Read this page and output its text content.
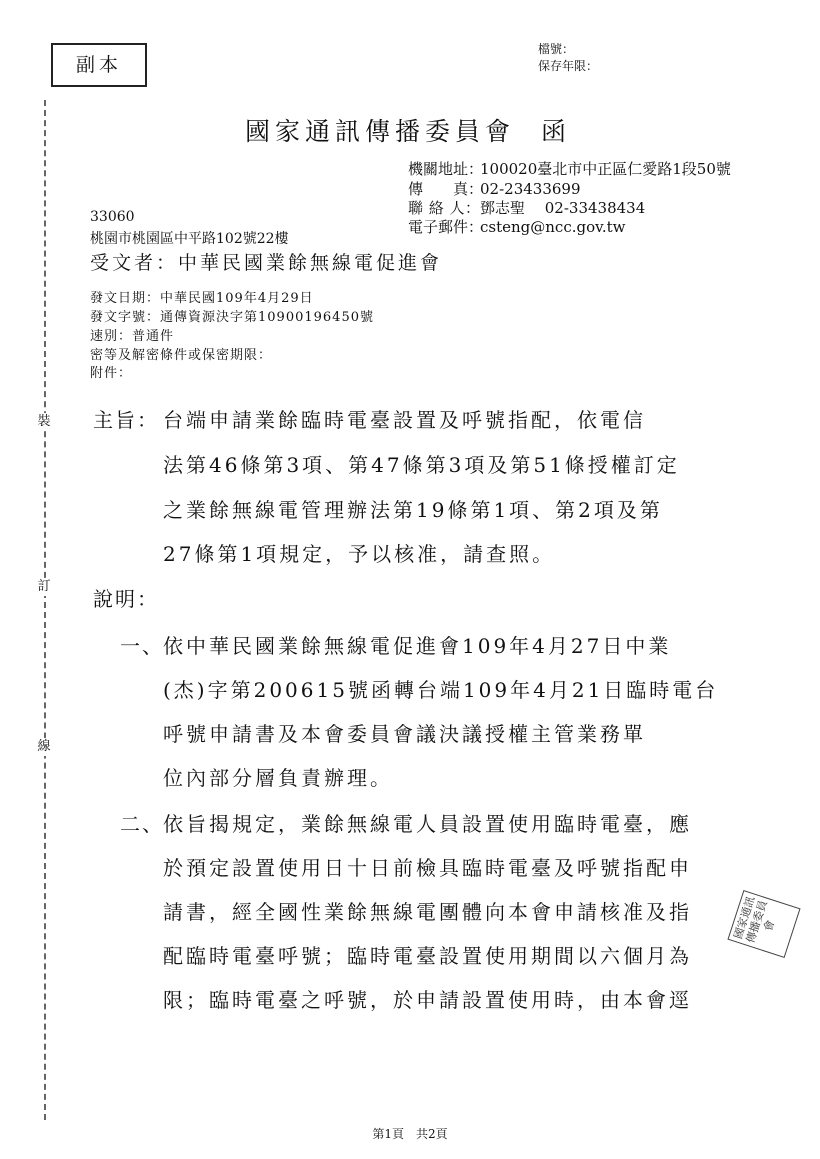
副本
檔號：
保存年限：
國家通訊傳播委員會 函
機關地址：100020臺北市中正區仁愛路1段50號
傳　　真：02-23433699
聯 絡 人：鄧志聖　 02-33438434
電子郵件：csteng@ncc.gov.tw
33060
桃園市桃園區中平路102號22樓
受文者：中華民國業餘無線電促進會
發文日期：中華民國109年4月29日
發文字號：通傳資源決字第10900196450號
速別：普通件
密等及解密條件或保密期限：
附件：
裝
訂
線
主旨： 台端申請業餘臨時電臺設置及呼號指配，依電信
法第46條第3項、第47條第3項及第51條授權訂定
之業餘無線電管理辦法第19條第1項、第2項及第
27條第1項規定，予以核准，請查照。
說明：
一、 依中華民國業餘無線電促進會109年4月27日中業
(杰)字第200615號函轉台端109年4月21日臨時電台
呼號申請書及本會委員會議決議授權主管業務單
位內部分層負責辦理。
二、 依旨揭規定，業餘無線電人員設置使用臨時電臺，應
於預定設置使用日十日前檢具臨時電臺及呼號指配申
請書，經全國性業餘無線電團體向本會申請核准及指
配臨時電臺呼號；臨時電臺設置使用期間以六個月為
限；臨時電臺之呼號，於申請設置使用時，由本會逕
國家通訊傳播委員會
第1頁　共2頁
